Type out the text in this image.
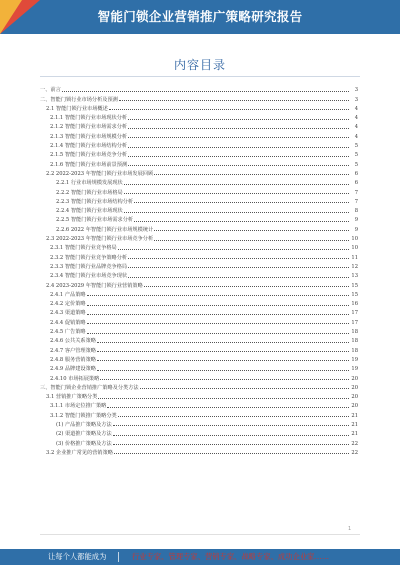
智能门锁企业营销推广策略研究报告
内容目录
一、前言	3
二、智能门锁行业市场分析及预测	3
2.1 智能门锁行业市场概述	4
2.1.1 智能门锁行业市场现状分析	4
2.1.2 智能门锁行业市场需求分析	4
2.1.3 智能门锁行业市场规模分析	4
2.1.4 智能门锁行业市场结构分析	5
2.1.5 智能门锁行业市场竞争分析	5
2.1.6 智能门锁行业市场前景预测	5
2.2 2022-2023 年智能门锁行业市场发展回顾	6
2.2.1 行业市场规模发展现状	6
2.2.2 智能门锁行业市场格局	7
2.2.3 智能门锁行业市场结构分析	7
2.2.4 智能门锁行业市场现状	8
2.2.5 智能门锁行业市场需求分析	9
2.2.6 2022 年智能门锁行业市场规模统计	9
2.3 2022-2023 年智能门锁行业市场竞争分析	10
2.3.1 智能门锁行业竞争格局	10
2.3.2 智能门锁行业竞争策略分析	11
2.3.3 智能门锁行业品牌竞争格局	12
2.3.4 智能门锁行业市场竞争现状	13
2.4 2023-2029 年智能门锁行业营销策略	15
2.4.1 产品策略	15
2.4.2 定价策略	16
2.4.3 渠道策略	17
2.4.4 促销策略	17
2.4.5 广告策略	18
2.4.6 公共关系策略	18
2.4.7 客户管理策略	18
2.4.8 服务营销策略	19
2.4.9 品牌建设策略	19
2.4.10 市场拓展策略	20
三、智能门锁企业营销推广策略及分类方法	20
3.1 营销推广策略分类	20
3.1.1 市场定位推广策略	20
3.1.2 智能门锁推广策略分类	21
(1) 产品推广策略及方法	21
(2) 渠道推广策略及方法	21
(3) 价格推广策略及方法	22
3.2 企业推广常见的营销策略	22
1
让每个人都能成为	行业专家、管理专家、营销专家、战略专家、成功企业家……
